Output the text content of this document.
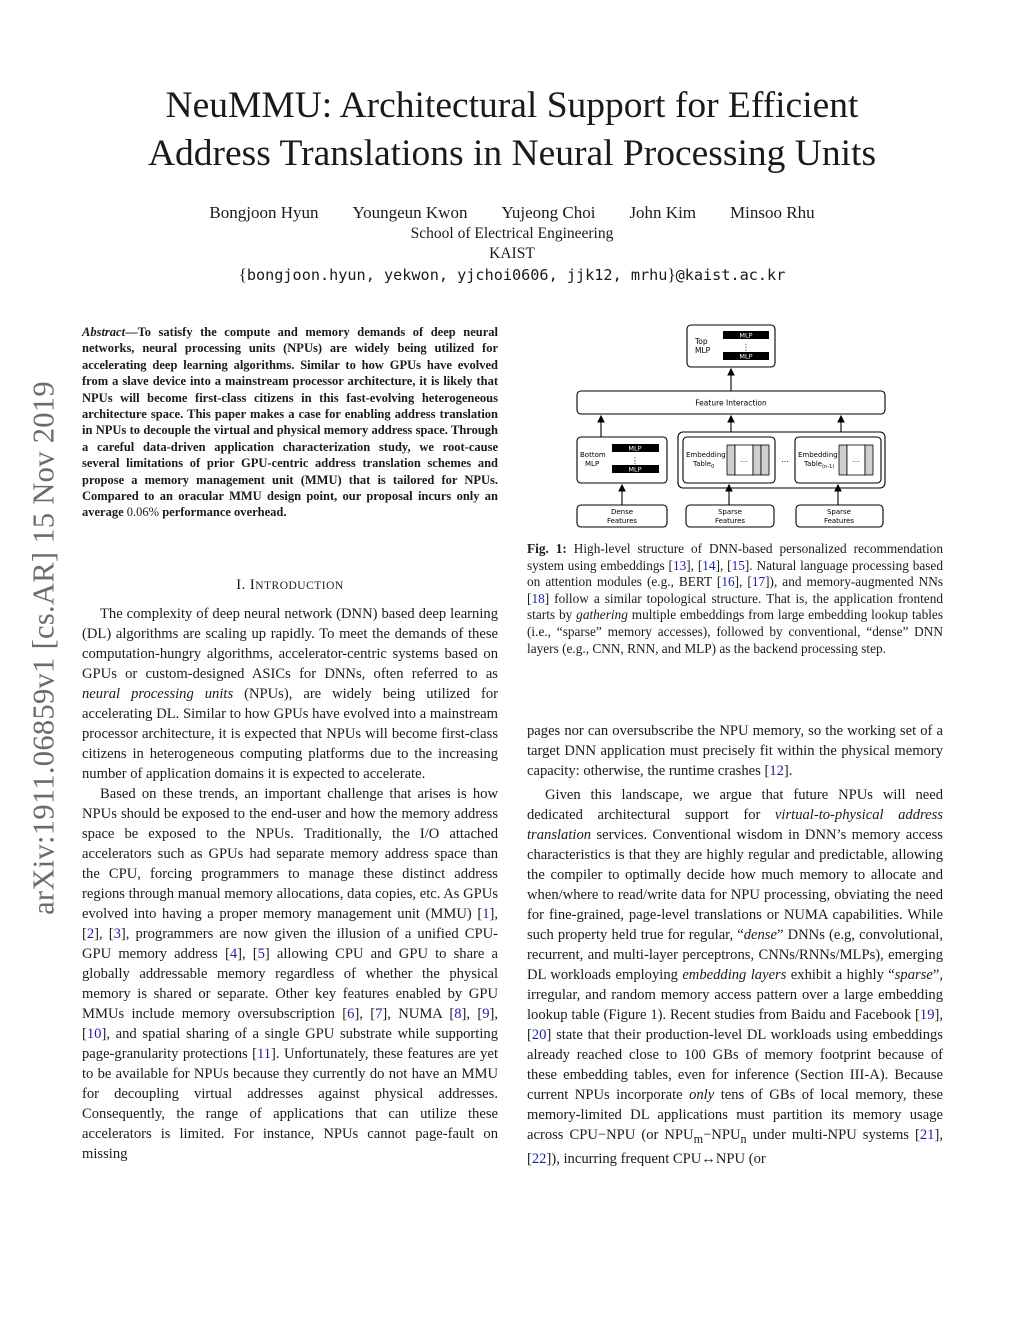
arXiv:1911.06859v1 [cs.AR] 15 Nov 2019
NeuMMU: Architectural Support for Efficient
Address Translations in Neural Processing Units
Bongjoon Hyun Youngeun Kwon Yujeong Choi John Kim Minsoo Rhu
School of Electrical Engineering
KAIST
{bongjoon.hyun, yekwon, yjchoi0606, jjk12, mrhu}@kaist.ac.kr
Abstract—To satisfy the compute and memory demands of deep neural networks, neural processing units (NPUs) are widely being utilized for accelerating deep learning algorithms. Similar to how GPUs have evolved from a slave device into a mainstream processor architecture, it is likely that NPUs will become first-class citizens in this fast-evolving heterogeneous architecture space. This paper makes a case for enabling address translation in NPUs to decouple the virtual and physical memory address space. Through a careful data-driven application characterization study, we root-cause several limitations of prior GPU-centric address translation schemes and propose a memory management unit (MMU) that is tailored for NPUs. Compared to an oracular MMU design point, our proposal incurs only an average 0.06% performance overhead.
I. INTRODUCTION

The complexity of deep neural network (DNN) based deep learning (DL) algorithms are scaling up rapidly. To meet the demands of these computation-hungry algorithms, accelerator-centric systems based on GPUs or custom-designed ASICs for DNNs, often referred to as neural processing units (NPUs), are widely being utilized for accelerating DL. Similar to how GPUs have evolved into a mainstream processor architecture, it is expected that NPUs will become first-class citizens in heterogeneous computing platforms due to the increasing number of application domains it is expected to accelerate.

Based on these trends, an important challenge that arises is how NPUs should be exposed to the end-user and how the memory address space be exposed to the NPUs. Traditionally, the I/O attached accelerators such as GPUs had separate memory address space than the CPU, forcing programmers to manage these distinct address regions through manual memory allocations, data copies, etc. As GPUs evolved into having a proper memory management unit (MMU) [1], [2], [3], programmers are now given the illusion of a unified CPU-GPU memory address [4], [5] allowing CPU and GPU to share a globally addressable memory regardless of whether the physical memory is shared or separate. Other key features enabled by GPU MMUs include memory oversubscription [6], [7], NUMA [8], [9], [10], and spatial sharing of a single GPU substrate while supporting page-granularity protections [11]. Unfortunately, these features are yet to be available for NPUs because they currently do not have an MMU for decoupling virtual addresses against physical addresses. Consequently, the range of applications that can utilize these accelerators is limited. For instance, NPUs cannot page-fault on missing

Top MLP
MLP
⋮
MLP
Feature Interaction
Bottom MLP
MLP
⋮
MLP
Embedding Table$_0$
...	... Embedding Table$_{(n-1)}$
...
Dense Features
Sparse Features
Sparse Features
Fig. 1: High-level structure of DNN-based personalized recommendation system using embeddings [13], [14], [15]. Natural language processing based on attention modules (e.g., BERT [16], [17]), and memory-augmented NNs [18] follow a similar topological structure. That is, the application frontend starts by gathering multiple embeddings from large embedding lookup tables (i.e., “sparse” memory accesses), followed by conventional, “dense” DNN layers (e.g., CNN, RNN, and MLP) as the backend processing step.

pages nor can oversubscribe the NPU memory, so the working set of a target DNN application must precisely fit within the physical memory capacity: otherwise, the runtime crashes [12].

Given this landscape, we argue that future NPUs will need dedicated architectural support for virtual-to-physical address translation services. Conventional wisdom in DNN’s memory access characteristics is that they are highly regular and predictable, allowing the compiler to optimally decide how much memory to allocate and when/where to read/write data for NPU processing, obviating the need for fine-grained, page-level translations or NUMA capabilities. While such property held true for regular, “dense” DNNs (e.g, convolutional, recurrent, and multi-layer perceptrons, CNNs/RNNs/MLPs), emerging DL workloads employing embedding layers exhibit a highly “sparse”, irregular, and random memory access pattern over a large embedding lookup table (Figure 1). Recent studies from Baidu and Facebook [19], [20] state that their production-level DL workloads using embeddings already reached close to 100 GBs of memory footprint because of these embedding tables, even for inference (Section III-A). Because current NPUs incorporate only tens of GBs of local memory, these memory-limited DL applications must partition its memory usage across CPU−NPU (or $NPU_m-NPU_n$ under multi-NPU systems [21], [22]), incurring frequent CPU↔NPU (or
